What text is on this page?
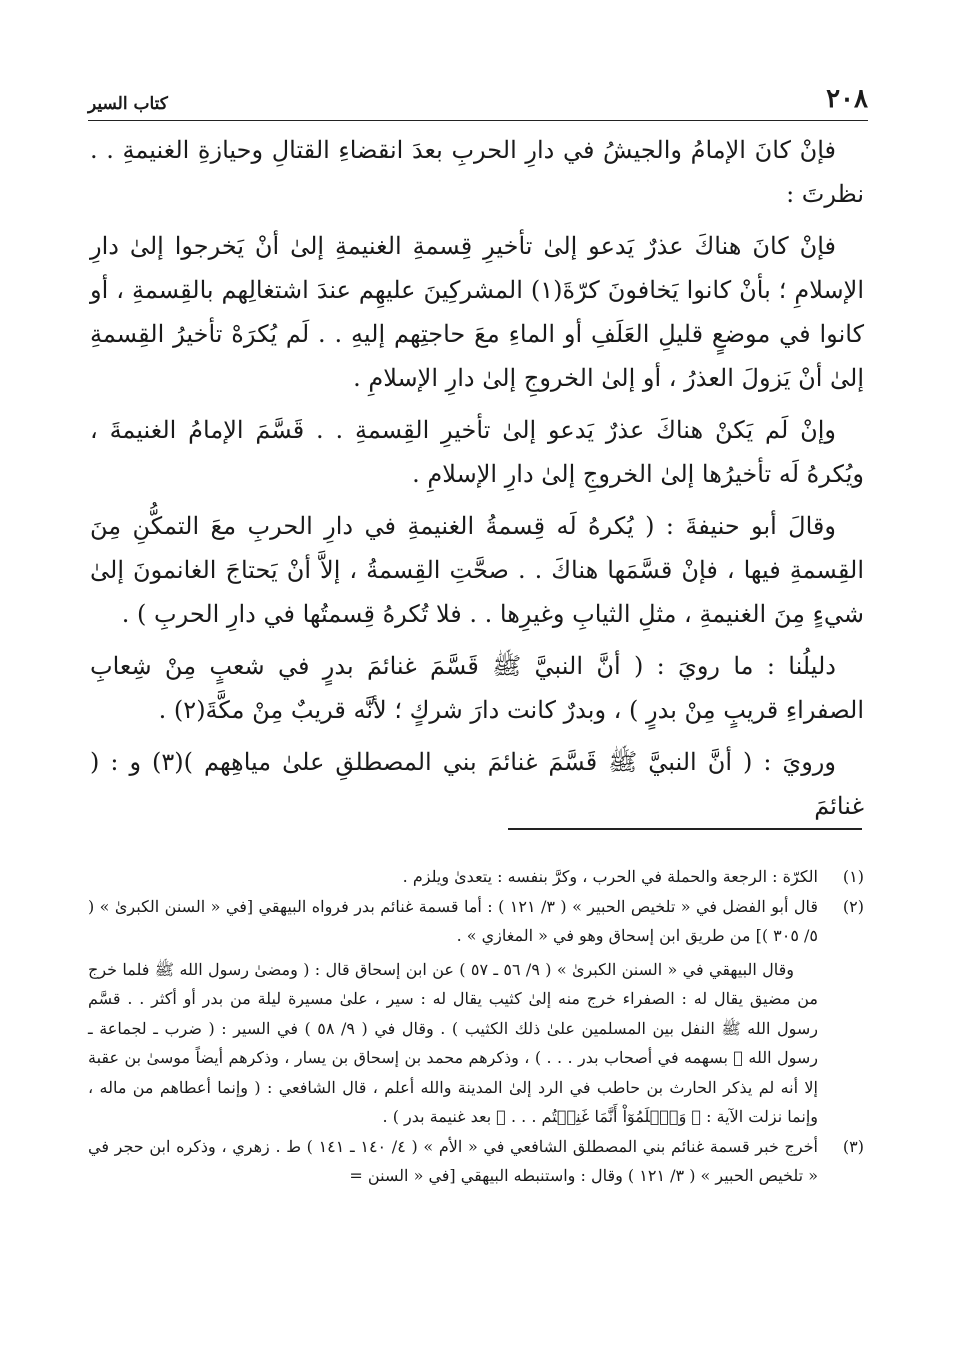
٢٠٨
كتاب السير

فإنْ كانَ الإمامُ والجيشُ في دارِ الحربِ بعدَ انقضاءِ القتالِ وحيازةِ الغنيمةِ . . نظرتَ :

فإنْ كانَ هناكَ عذرٌ يَدعو إلىٰ تأخيرِ قِسمةِ الغنيمةِ إلىٰ أنْ يَخرجوا إلىٰ دارِ الإسلامِ ؛ بأنْ كانوا يَخافونَ كرّةَ(١) المشركِينَ عليهِم عندَ اشتغالِهم بالقِسمةِ ، أو كانوا في موضعٍ قليلِ العَلَفِ أو الماءِ معَ حاجتِهم إليهِ . . لَم يُكرَهْ تأخيرُ القِسمةِ إلىٰ أنْ يَزولَ العذرُ ، أو إلىٰ الخروجِ إلىٰ دارِ الإسلامِ .

وإنْ لَم يَكنْ هناكَ عذرٌ يَدعو إلىٰ تأخيرِ القِسمةِ . . قَسَّمَ الإمامُ الغنيمةَ ، ويُكرهُ لَه تأخيرُها إلىٰ الخروجِ إلىٰ دارِ الإسلامِ .

وقالَ أبو حنيفةَ : ( يُكرهُ لَه قِسمةُ الغنيمةِ في دارِ الحربِ معَ التمكُّنِ مِنَ القِسمةِ فيها ، فإنْ قسَّمَها هناكَ . . صحَّتِ القِسمةُ ، إلاَّ أنْ يَحتاجَ الغانمونَ إلىٰ شيءٍ مِنَ الغنيمةِ ، مثلِ الثيابِ وغيرِها . . فلا تُكرهُ قِسمتُها في دارِ الحربِ ) .

دليلُنا : ما رويَ : ( أنَّ النبيَّ ﷺ قَسَّمَ غنائمَ بدرٍ في شعبٍ مِنْ شِعابِ الصفراءِ قريبٍ مِنْ بدرٍ ) ، وبدرٌ كانت دارَ شركٍ ؛ لأنَّه قريبٌ مِنْ مكَّةَ(٢) .

ورويَ : ( أنَّ النبيَّ ﷺ قَسَّمَ غنائمَ بني المصطلقِ علىٰ مياهِهم )(٣) و : ( غنائمَ

(١)
الكرّة : الرجعة والحملة في الحرب ، وكرَّ بنفسه : يتعدىٰ ويلزم .
(٢)
قال أبو الفضل في « تلخيص الحبير » ( ٣/ ١٢١ ) : أما قسمة غنائم بدر فرواه البيهقي [في « السنن الكبرىٰ » ( ٥/ ٣٠٥ )] من طريق ابن إسحاق وهو في « المغازي » .

وقال البيهقي في « السنن الكبرىٰ » ( ٩/ ٥٦ ـ ٥٧ ) عن ابن إسحاق قال : ( ومضىٰ رسول الله ﷺ فلما خرج من مضيق يقال له : الصفراء خرج منه إلىٰ كثيب يقال له : سير ، علىٰ مسيرة ليلة من بدر أو أكثر . . قسَّم رسول الله ﷺ النفل بين المسلمين علىٰ ذلك الكثيب ) . وقال في ( ٩/ ٥٨ ) في السير : ( ضرب ـ لجماعة ـ رسول الله ﷺ بسهمه في أصحاب بدر . . . ) ، وذكرهم محمد بن إسحاق بن يسار ، وذكرهم أيضاً موسىٰ بن عقبة إلا أنه لم يذكر الحارث بن حاطب في الرد إلىٰ المدينة والله أعلم ، قال الشافعي : ( وإنما أعطاهم من ماله ، وإنما نزلت الآية : ﴿ وَٱعۡلَمُوٓاْ أَنَّمَا غَنِمۡتُم . . . ﴾ بعد غنيمة بدر ) .

(٣)
أخرج خبر قسمة غنائم بني المصطلق الشافعي في « الأم » ( ٤/ ١٤٠ ـ ١٤١ ) ط . زهري ، وذكره ابن حجر في « تلخيص الحبير » ( ٣/ ١٢١ ) وقال : واستنبطه البيهقي [في « السنن =
